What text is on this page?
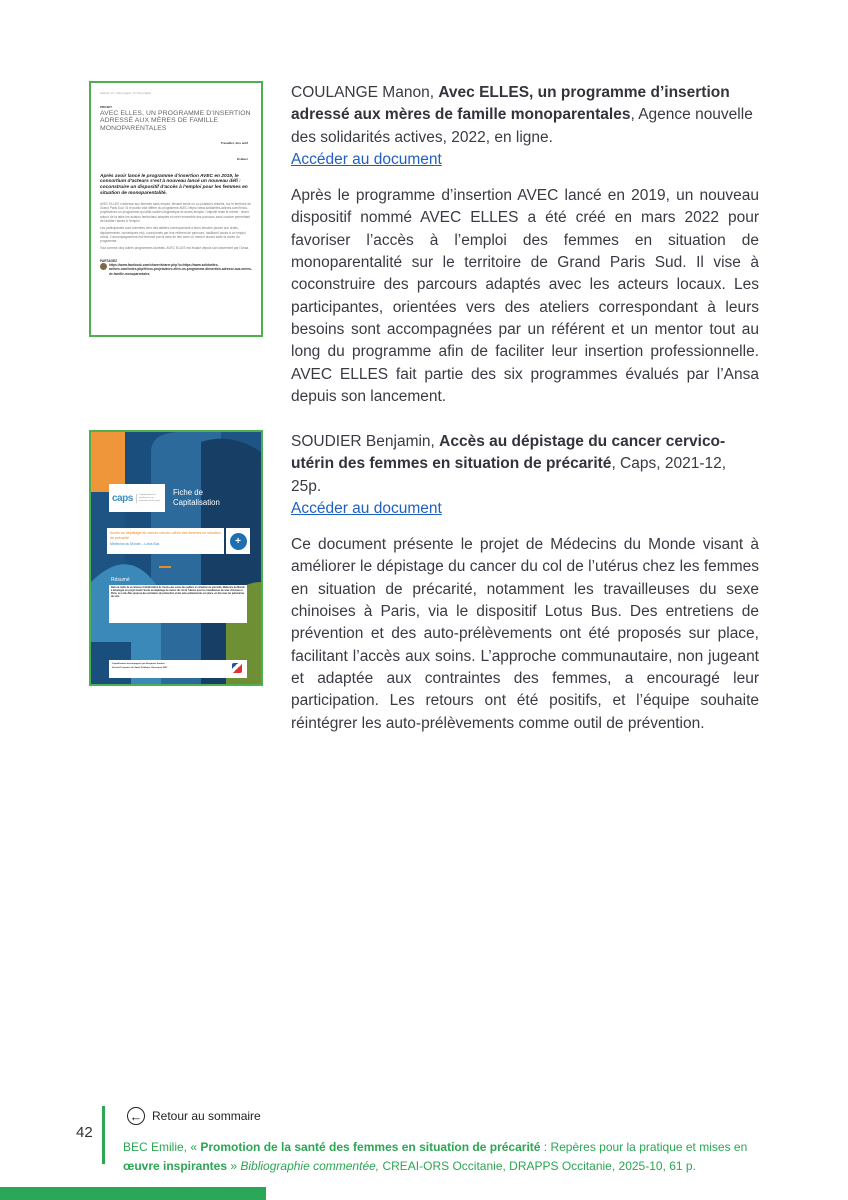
Accueil › Fr › Nos projets › Fr Nos projets
PROJET
AVEC ELLES, UN PROGRAMME D’INSERTION ADRESSÉ AUX MÈRES DE FAMILLE MONOPARENTALES
Travailler, être actif
Évaluer
Après avoir lancé le programme d’insertion AVEC en 2019, le consortium d’acteurs s’est à nouveau lancé un nouveau défi : coconstruire un dispositif d’accès à l’emploi pour les femmes en situation de monoparentalité.

AVEC ELLES s’adresse aux femmes sans emploi, élevant seule un ou plusieurs enfants, sur le territoire de Grand Paris Sud. Si le public visé diffère du programme AVEC https://www.solidarites-actives.com/fr/nos-projets/avec-un-programme-qui-allie-soutien-linguistique-et-acces-lemploi, l’objectif reste le même : réunir autour de la table les acteurs territoriaux adaptés et créer ensemble des parcours sans couture permettant de faciliter l’accès à l’emploi.

Les participantes sont orientées vers des ateliers correspondant à leurs besoins (accès aux droits, déplacements, numériques etc), coordonnés par leur référent de parcours, facilitant l’accès à un emploi choisi. L’accompagnement est renforcé par la mise en lien avec un mentor durant toute la durée du programme.

Tout comme cinq autres programmes lauréats, AVEC ELLES est évalué depuis son lancement par l’Ansa.

PARTAGEZ
https://www.facebook.com/sharer/sharer.php?u=https://www.solidarites-actives.com/index.php/fr/nos-projets/avec-elles-un-programme-dinsertion-adresse-aux-meres-de-famille-monoparentales

COULANGE Manon, Avec ELLES, un programme d’insertion adressé aux mères de famille monoparentales, Agence nouvelle des solidarités actives, 2022, en ligne.

Accéder au document

Après le programme d’insertion AVEC lancé en 2019, un nouveau dispositif nommé AVEC ELLES a été créé en mars 2022 pour favoriser l’accès à l’emploi des femmes en situation de monoparentalité sur le territoire de Grand Paris Sud. Il vise à coconstruire des parcours adaptés avec les acteurs locaux. Les participantes, orientées vers des ateliers correspondant à leurs besoins sont accompagnées par un référent et un mentor tout au long du programme afin de faciliter leur insertion professionnelle. AVEC ELLES fait partie des six programmes évalués par l’Ansa depuis son lancement.

caps	Capitalisation des expériences en promotion de la santé
Fiche de
Capitalisation
Accès au dépistage du cancer cervico-utérin des femmes en situation de précarité
Médecins du Monde – Lotus Bus	+
Résumé
Dans le cadre de sa mission d’amélioration de l’accès aux soins des publics en situation de précarité, Médecins du Monde a développé un projet visant l’accès au dépistage du cancer du col de l’utérus pour les travailleuses du sexe chinoises à Paris. Le Lotus Bus propose des entretiens de prévention et des auto-prélèvements sur place, en lien avec les partenaires du soin.
Capitalisation accompagnée par Benjamin Soudier
Société Française de Santé Publique, Décembre 2021

SOUDIER Benjamin, Accès au dépistage du cancer cervico-utérin des femmes en situation de précarité, Caps, 2021-12, 25p.

Accéder au document

Ce document présente le projet de Médecins du Monde visant à améliorer le dépistage du cancer du col de l’utérus chez les femmes en situation de précarité, notamment les travailleuses du sexe chinoises à Paris, via le dispositif Lotus Bus. Des entretiens de prévention et des auto-prélèvements ont été proposés sur place, facilitant l’accès aux soins. L’approche communautaire, non jugeant et adaptée aux contraintes des femmes, a encouragé leur participation. Les retours ont été positifs, et l’équipe souhaite réintégrer les auto-prélèvements comme outil de prévention.

← Retour au sommaire
42
BEC Emilie, « Promotion de la santé des femmes en situation de précarité : Repères pour la pratique et mises en œuvre inspirantes » Bibliographie commentée, CREAI-ORS Occitanie, DRAPPS Occitanie, 2025-10, 61 p.
